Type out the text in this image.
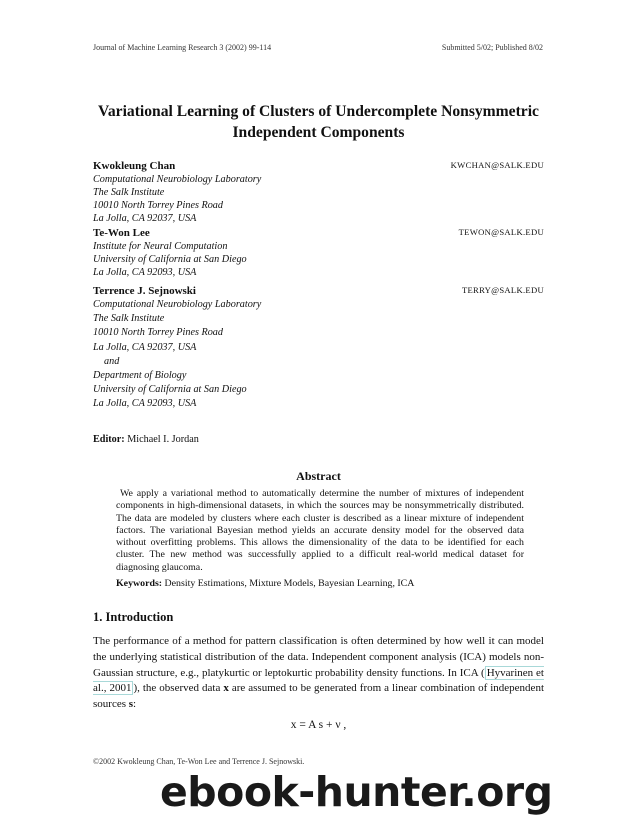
Journal of Machine Learning Research 3 (2002) 99-114	Submitted 5/02; Published 8/02
Variational Learning of Clusters of Undercomplete Nonsymmetric
Independent Components
Kwokleung Chan	KWCHAN@SALK.EDU
Computational Neurobiology Laboratory
The Salk Institute
10010 North Torrey Pines Road
La Jolla, CA 92037, USA
Te-Won Lee	TEWON@SALK.EDU
Institute for Neural Computation
University of California at San Diego
La Jolla, CA 92093, USA
Terrence J. Sejnowski	TERRY@SALK.EDU
Computational Neurobiology Laboratory
The Salk Institute
10010 North Torrey Pines Road
La Jolla, CA 92037, USA
and
Department of Biology
University of California at San Diego
La Jolla, CA 92093, USA
Editor: Michael I. Jordan
Abstract
We apply a variational method to automatically determine the number of mixtures of independent components in high-dimensional datasets, in which the sources may be nonsymmetrically distributed. The data are modeled by clusters where each cluster is described as a linear mixture of independent factors. The variational Bayesian method yields an accurate density model for the observed data without overfitting problems. This allows the dimensionality of the data to be identified for each cluster. The new method was successfully applied to a difficult real-world medical dataset for diagnosing glaucoma.
Keywords: Density Estimations, Mixture Models, Bayesian Learning, ICA
1. Introduction
The performance of a method for pattern classification is often determined by how well it can model the underlying statistical distribution of the data. Independent component analysis (ICA) models non-Gaussian structure, e.g., platykurtic or leptokurtic probability density functions. In ICA ( Hyvarinen et al., 2001 ), the observed data x are assumed to be generated from a linear combination of independent sources s:
x = A s + ν ,
©2002 Kwokleung Chan, Te-Won Lee and Terrence J. Sejnowski.
ebook-hunter.org
